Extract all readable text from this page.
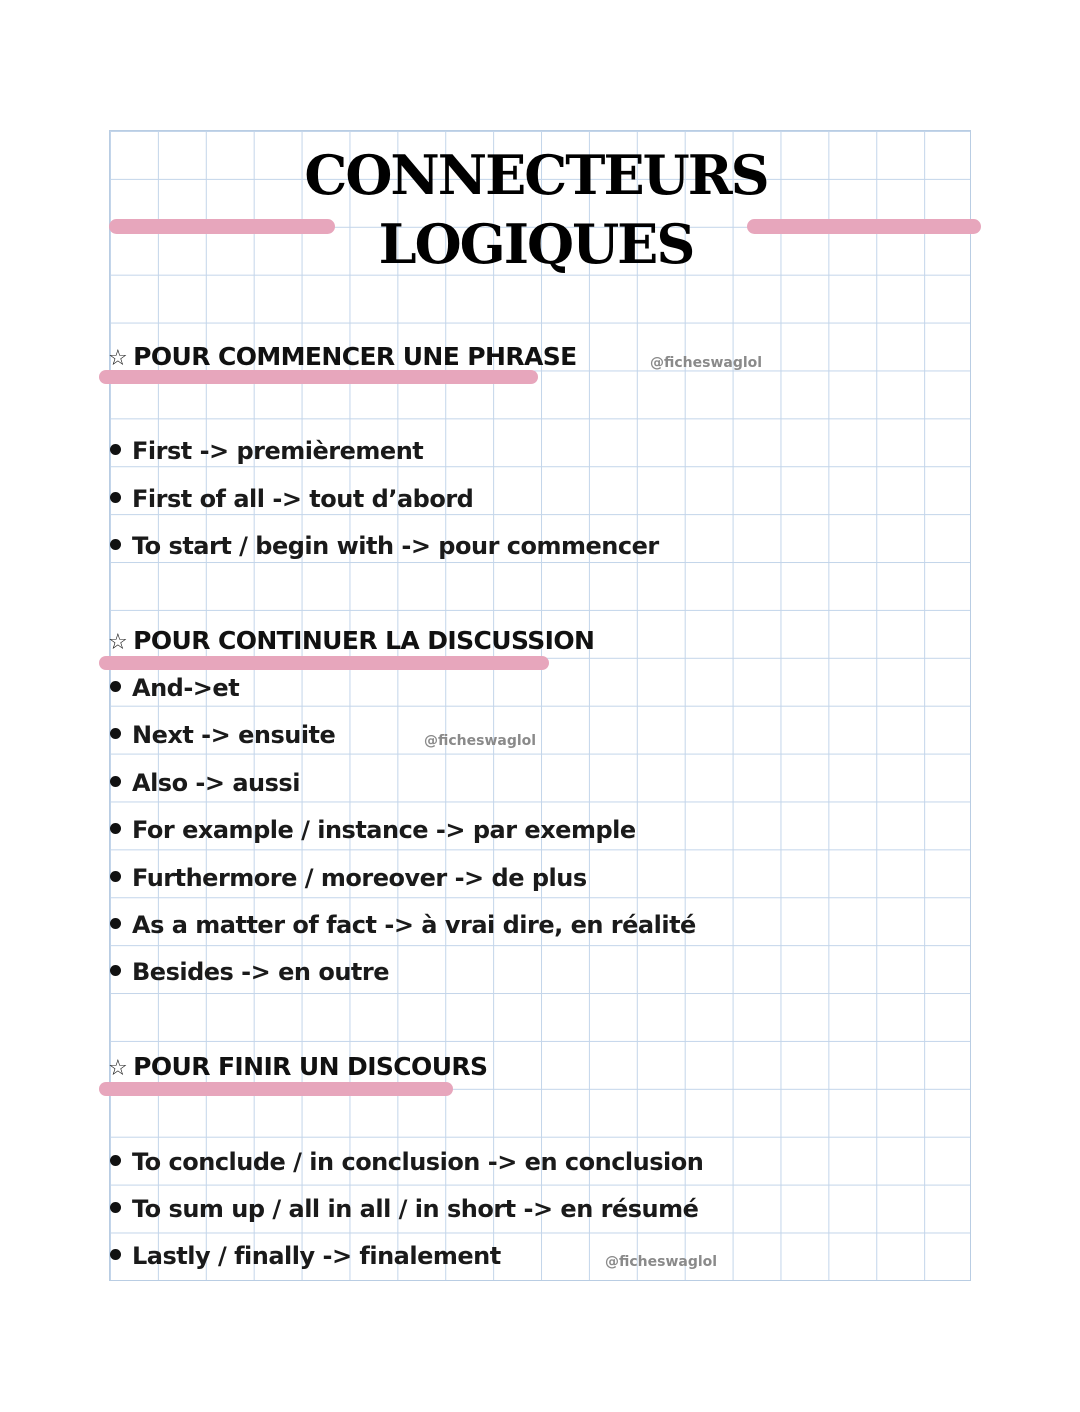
CONNECTEURS
LOGIQUES
☆ POUR COMMENCER UNE PHRASE	@ficheswaglol
First -> premièrement
First of all -> tout d’abord
To start / begin with -> pour commencer
☆ POUR CONTINUER LA DISCUSSION
And->et
Next -> ensuite	@ficheswaglol
Also -> aussi
For example / instance -> par exemple
Furthermore / moreover -> de plus
As a matter of fact -> à vrai dire, en réalité
Besides -> en outre
☆ POUR FINIR UN DISCOURS
To conclude / in conclusion -> en conclusion
To sum up / all in all / in short -> en résumé
Lastly / finally -> finalement	@ficheswaglol
